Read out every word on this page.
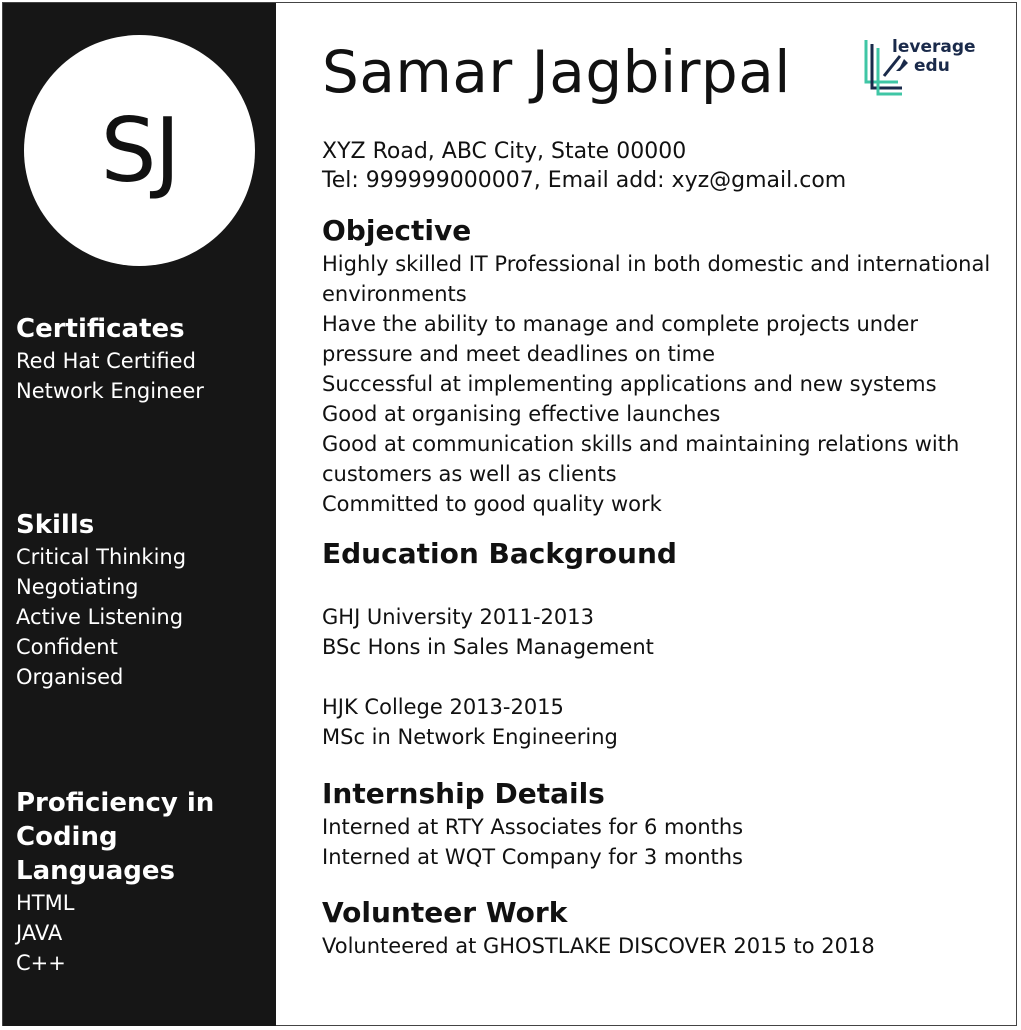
SJ
Certificates
Red Hat Certified
Network Engineer
Skills
Critical Thinking
Negotiating
Active Listening
Confident
Organised
Proficiency in
Coding Languages
HTML
JAVA
C++
leverage
edu
Samar Jagbirpal
XYZ Road, ABC City, State 00000
Tel: 999999000007, Email add: xyz@gmail.com
Objective
Highly skilled IT Professional in both domestic and international
environments
Have the ability to manage and complete projects under
pressure and meet deadlines on time
Successful at implementing applications and new systems
Good at organising effective launches
Good at communication skills and maintaining relations with
customers as well as clients
Committed to good quality work
Education Background
GHJ University 2011-2013
BSc Hons in Sales Management
HJK College 2013-2015
MSc in Network Engineering
Internship Details
Interned at RTY Associates for 6 months
Interned at WQT Company for 3 months
Volunteer Work
Volunteered at GHOSTLAKE DISCOVER 2015 to 2018
